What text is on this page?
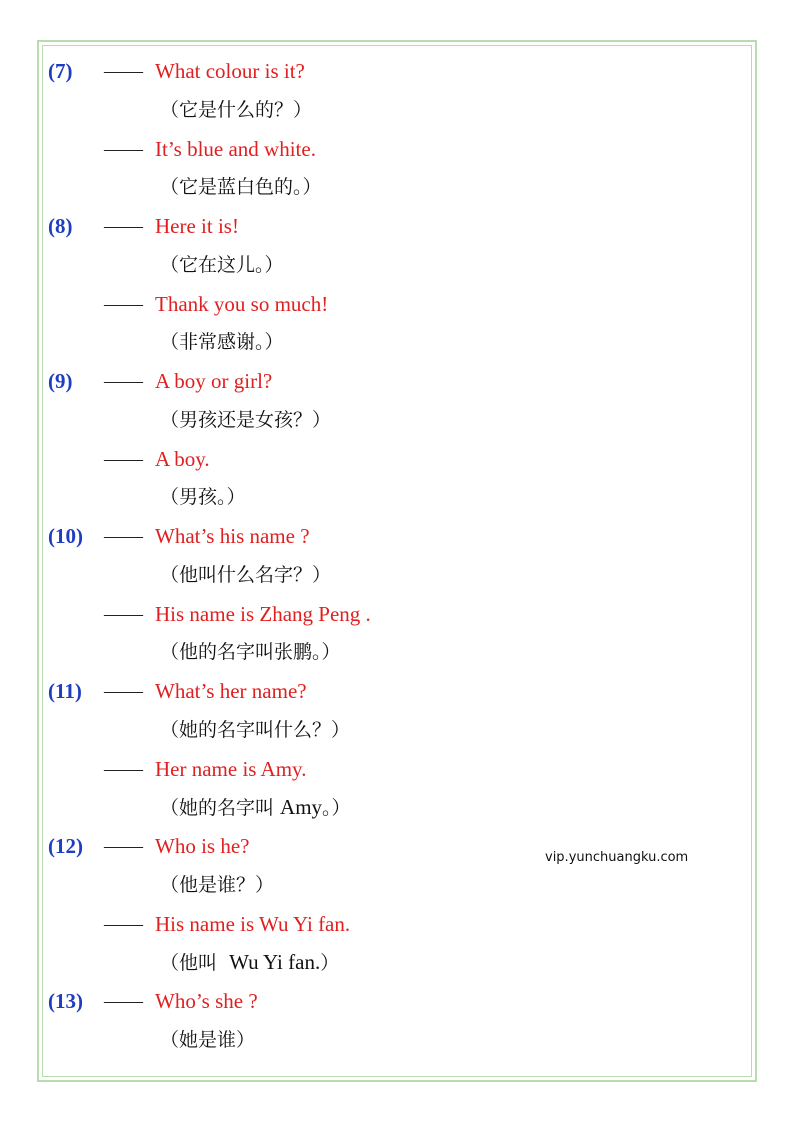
(7) —— What colour is it?
（它是什么的？）
—— It’s blue and white.
（它是蓝白色的。）
(8) —— Here it is!
（它在这儿。）
—— Thank you so much!
（非常感谢。）
(9) —— A boy or girl?
（男孩还是女孩？）
—— A boy.
（男孩。）
(10) —— What’s his name ?
（他叫什么名字？）
—— His name is Zhang Peng .
（他的名字叫张鹏。）
(11) —— What’s her name?
（她的名字叫什么？）
—— Her name is Amy.
（她的名字叫 Amy。）
(12) —— Who is he?
（他是谁？）
—— His name is Wu Yi fan.
（他叫  Wu Yi fan.）
(13) —— Who’s she ?
（她是谁）
vip.yunchuangku.com
